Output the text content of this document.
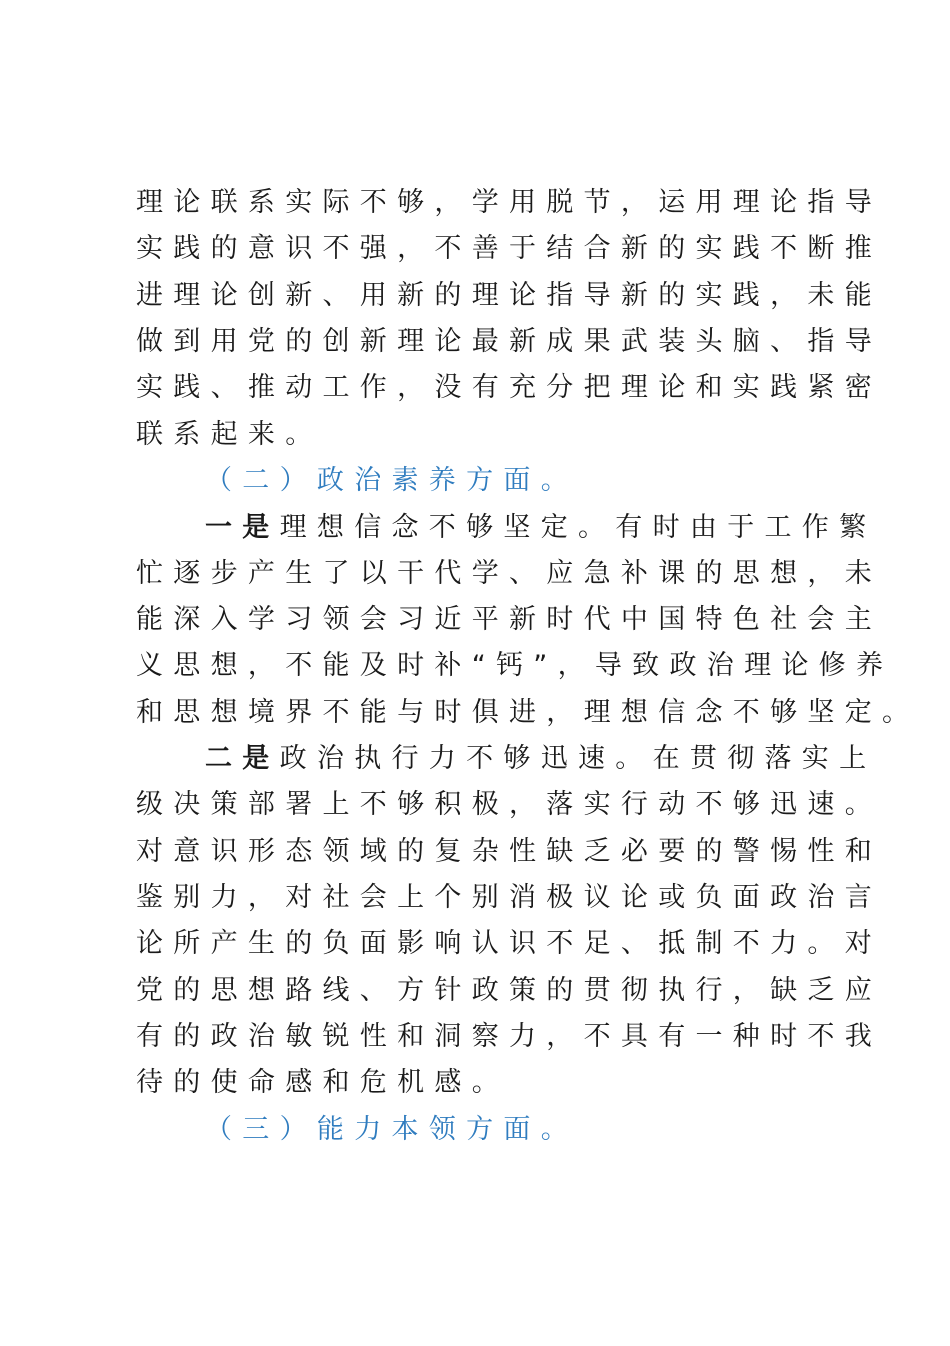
理论联系实际不够，学用脱节，运用理论指导
实践的意识不强，不善于结合新的实践不断推
进理论创新、用新的理论指导新的实践，未能
做到用党的创新理论最新成果武装头脑、指导
实践、推动工作，没有充分把理论和实践紧密
联系起来。
（二）政治素养方面。
一是理想信念不够坚定。有时由于工作繁
忙逐步产生了以干代学、应急补课的思想，未
能深入学习领会习近平新时代中国特色社会主
义思想，不能及时补“钙”，导致政治理论修养
和思想境界不能与时俱进，理想信念不够坚定。
二是政治执行力不够迅速。在贯彻落实上
级决策部署上不够积极，落实行动不够迅速。
对意识形态领域的复杂性缺乏必要的警惕性和
鉴别力，对社会上个别消极议论或负面政治言
论所产生的负面影响认识不足、抵制不力。对
党的思想路线、方针政策的贯彻执行，缺乏应
有的政治敏锐性和洞察力，不具有一种时不我
待的使命感和危机感。
（三）能力本领方面。
